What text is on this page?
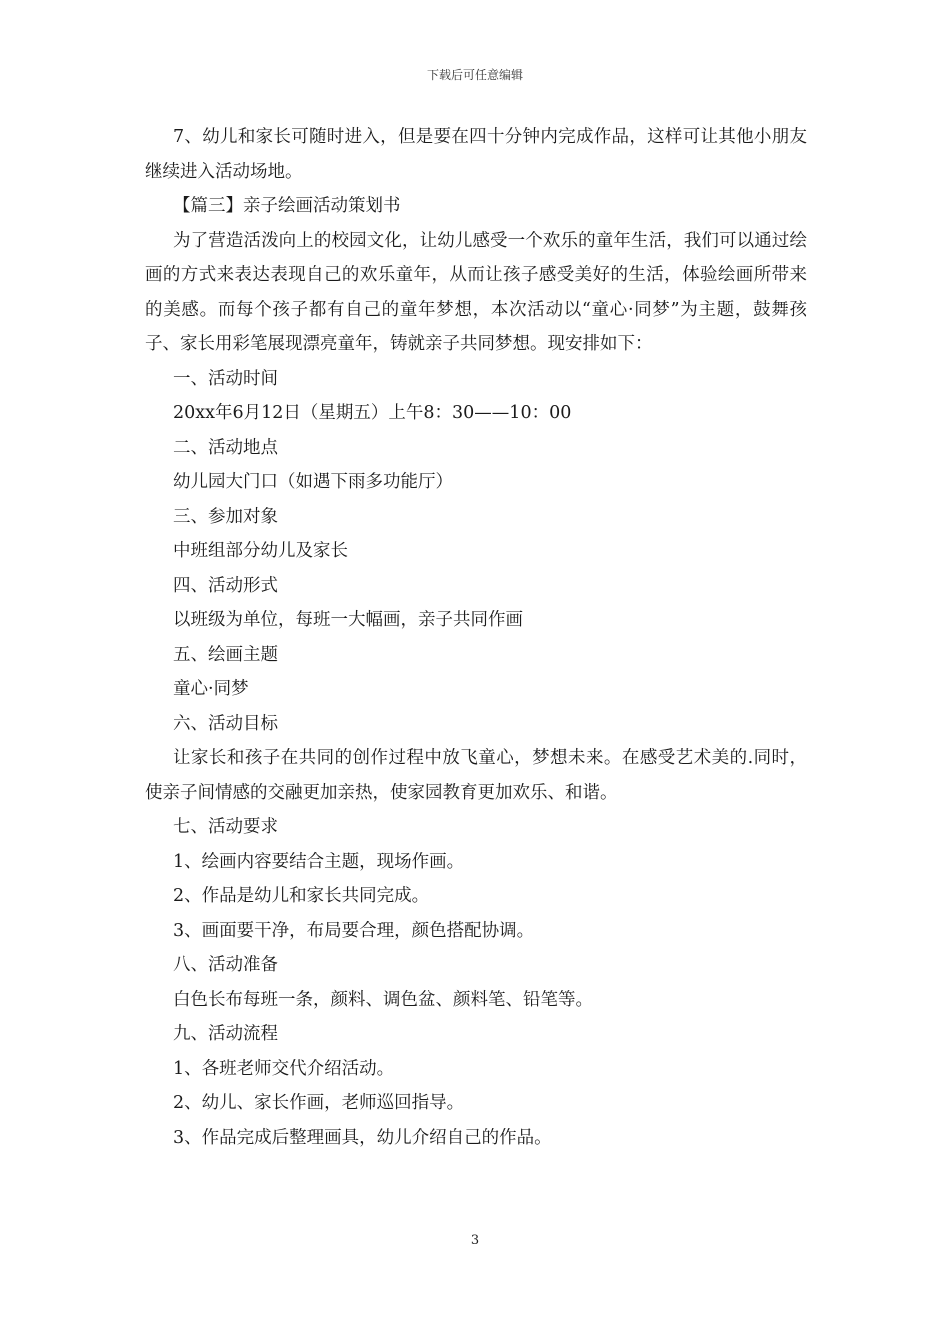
下载后可任意编辑

7、幼儿和家长可随时进入，但是要在四十分钟内完成作品，这样可让其他小朋友继续进入活动场地。

【篇三】亲子绘画活动策划书

为了营造活泼向上的校园文化，让幼儿感受一个欢乐的童年生活，我们可以通过绘画的方式来表达表现自己的欢乐童年，从而让孩子感受美好的生活，体验绘画所带来的美感。而每个孩子都有自己的童年梦想，本次活动以“童心·同梦”为主题，鼓舞孩子、家长用彩笔展现漂亮童年，铸就亲子共同梦想。现安排如下：

一、活动时间

20xx年6月12日（星期五）上午8：30——10：00

二、活动地点

幼儿园大门口（如遇下雨多功能厅）

三、参加对象

中班组部分幼儿及家长

四、活动形式

以班级为单位，每班一大幅画，亲子共同作画

五、绘画主题

童心·同梦

六、活动目标

让家长和孩子在共同的创作过程中放飞童心，梦想未来。在感受艺术美的.同时，使亲子间情感的交融更加亲热，使家园教育更加欢乐、和谐。

七、活动要求

1、绘画内容要结合主题，现场作画。

2、作品是幼儿和家长共同完成。

3、画面要干净，布局要合理，颜色搭配协调。

八、活动准备

白色长布每班一条，颜料、调色盆、颜料笔、铅笔等。

九、活动流程

1、各班老师交代介绍活动。

2、幼儿、家长作画，老师巡回指导。

3、作品完成后整理画具，幼儿介绍自己的作品。

3
